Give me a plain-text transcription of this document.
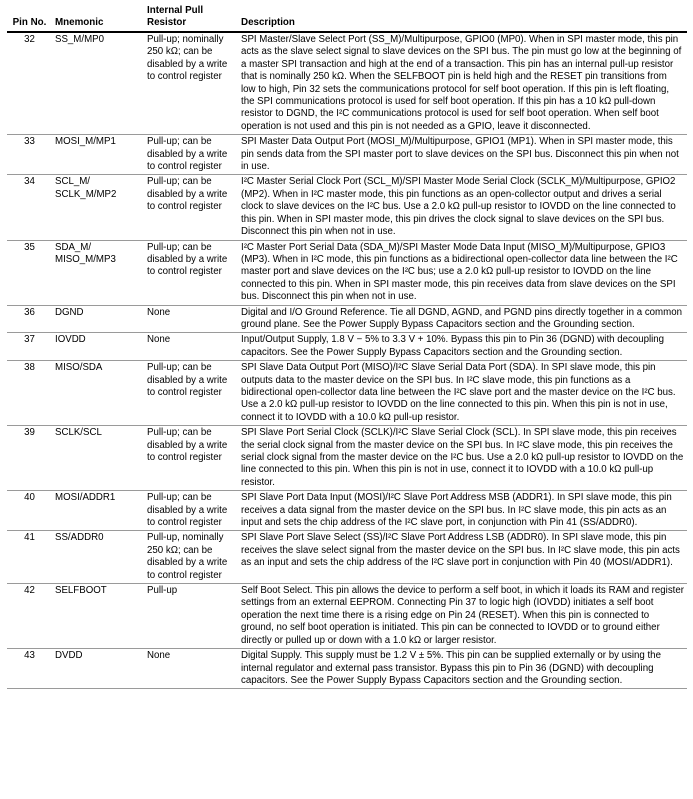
Pin No.	Mnemonic	Internal Pull Resistor	Description
32	SS_M/MP0	Pull-up; nominally 250 kΩ; can be disabled by a write to control register	SPI Master/Slave Select Port (SS_M)/Multipurpose, GPIO0 (MP0). When in SPI master mode, this pin acts as the slave select signal to slave devices on the SPI bus. The pin must go low at the beginning of a master SPI transaction and high at the end of a transaction. This pin has an internal pull-up resistor that is nominally 250 kΩ. When the SELFBOOT pin is held high and the RESET pin transitions from low to high, Pin 32 sets the communications protocol for self boot operation. If this pin is left floating, the SPI communications protocol is used for self boot operation. If this pin has a 10 kΩ pull-down resistor to DGND, the I²C communications protocol is used for self boot operation. When self boot operation is not used and this pin is not needed as a GPIO, leave it disconnected.
33	MOSI_M/MP1	Pull-up; can be disabled by a write to control register	SPI Master Data Output Port (MOSI_M)/Multipurpose, GPIO1 (MP1). When in SPI master mode, this pin sends data from the SPI master port to slave devices on the SPI bus. Disconnect this pin when not in use.
34	SCL_M/ SCLK_M/MP2	Pull-up; can be disabled by a write to control register	I²C Master Serial Clock Port (SCL_M)/SPI Master Mode Serial Clock (SCLK_M)/Multipurpose, GPIO2 (MP2). When in I²C master mode, this pin functions as an open-collector output and drives a serial clock to slave devices on the I²C bus. Use a 2.0 kΩ pull-up resistor to IOVDD on the line connected to this pin. When in SPI master mode, this pin drives the clock signal to slave devices on the SPI bus. Disconnect this pin when not in use.
35	SDA_M/ MISO_M/MP3	Pull-up; can be disabled by a write to control register	I²C Master Port Serial Data (SDA_M)/SPI Master Mode Data Input (MISO_M)/Multipurpose, GPIO3 (MP3). When in I²C mode, this pin functions as a bidirectional open-collector data line between the I²C master port and slave devices on the I²C bus; use a 2.0 kΩ pull-up resistor to IOVDD on the line connected to this pin. When in SPI master mode, this pin receives data from slave devices on the SPI bus. Disconnect this pin when not in use.
36	DGND	None	Digital and I/O Ground Reference. Tie all DGND, AGND, and PGND pins directly together in a common ground plane. See the Power Supply Bypass Capacitors section and the Grounding section.
37	IOVDD	None	Input/Output Supply, 1.8 V − 5% to 3.3 V + 10%. Bypass this pin to Pin 36 (DGND) with decoupling capacitors. See the Power Supply Bypass Capacitors section and the Grounding section.
38	MISO/SDA	Pull-up; can be disabled by a write to control register	SPI Slave Data Output Port (MISO)/I²C Slave Serial Data Port (SDA). In SPI slave mode, this pin outputs data to the master device on the SPI bus. In I²C slave mode, this pin functions as a bidirectional open-collector data line between the I²C slave port and the master device on the I²C bus. Use a 2.0 kΩ pull-up resistor to IOVDD on the line connected to this pin. When this pin is not in use, connect it to IOVDD with a 10.0 kΩ pull-up resistor.
39	SCLK/SCL	Pull-up; can be disabled by a write to control register	SPI Slave Port Serial Clock (SCLK)/I²C Slave Serial Clock (SCL). In SPI slave mode, this pin receives the serial clock signal from the master device on the SPI bus. In I²C slave mode, this pin receives the serial clock signal from the master device on the I²C bus. Use a 2.0 kΩ pull-up resistor to IOVDD on the line connected to this pin. When this pin is not in use, connect it to IOVDD with a 10.0 kΩ pull-up resistor.
40	MOSI/ADDR1	Pull-up; can be disabled by a write to control register	SPI Slave Port Data Input (MOSI)/I²C Slave Port Address MSB (ADDR1). In SPI slave mode, this pin receives a data signal from the master device on the SPI bus. In I²C slave mode, this pin acts as an input and sets the chip address of the I²C slave port, in conjunction with Pin 41 (SS/ADDR0).
41	SS/ADDR0	Pull-up, nominally 250 kΩ; can be disabled by a write to control register	SPI Slave Port Slave Select (SS)/I²C Slave Port Address LSB (ADDR0). In SPI slave mode, this pin receives the slave select signal from the master device on the SPI bus. In I²C slave mode, this pin acts as an input and sets the chip address of the I²C slave port in conjunction with Pin 40 (MOSI/ADDR1).
42	SELFBOOT	Pull-up	Self Boot Select. This pin allows the device to perform a self boot, in which it loads its RAM and register settings from an external EEPROM. Connecting Pin 37 to logic high (IOVDD) initiates a self boot operation the next time there is a rising edge on Pin 24 (RESET). When this pin is connected to ground, no self boot operation is initiated. This pin can be connected to IOVDD or to ground either directly or pulled up or down with a 1.0 kΩ or larger resistor.
43	DVDD	None	Digital Supply. This supply must be 1.2 V ± 5%. This pin can be supplied externally or by using the internal regulator and external pass transistor. Bypass this pin to Pin 36 (DGND) with decoupling capacitors. See the Power Supply Bypass Capacitors section and the Grounding section.
